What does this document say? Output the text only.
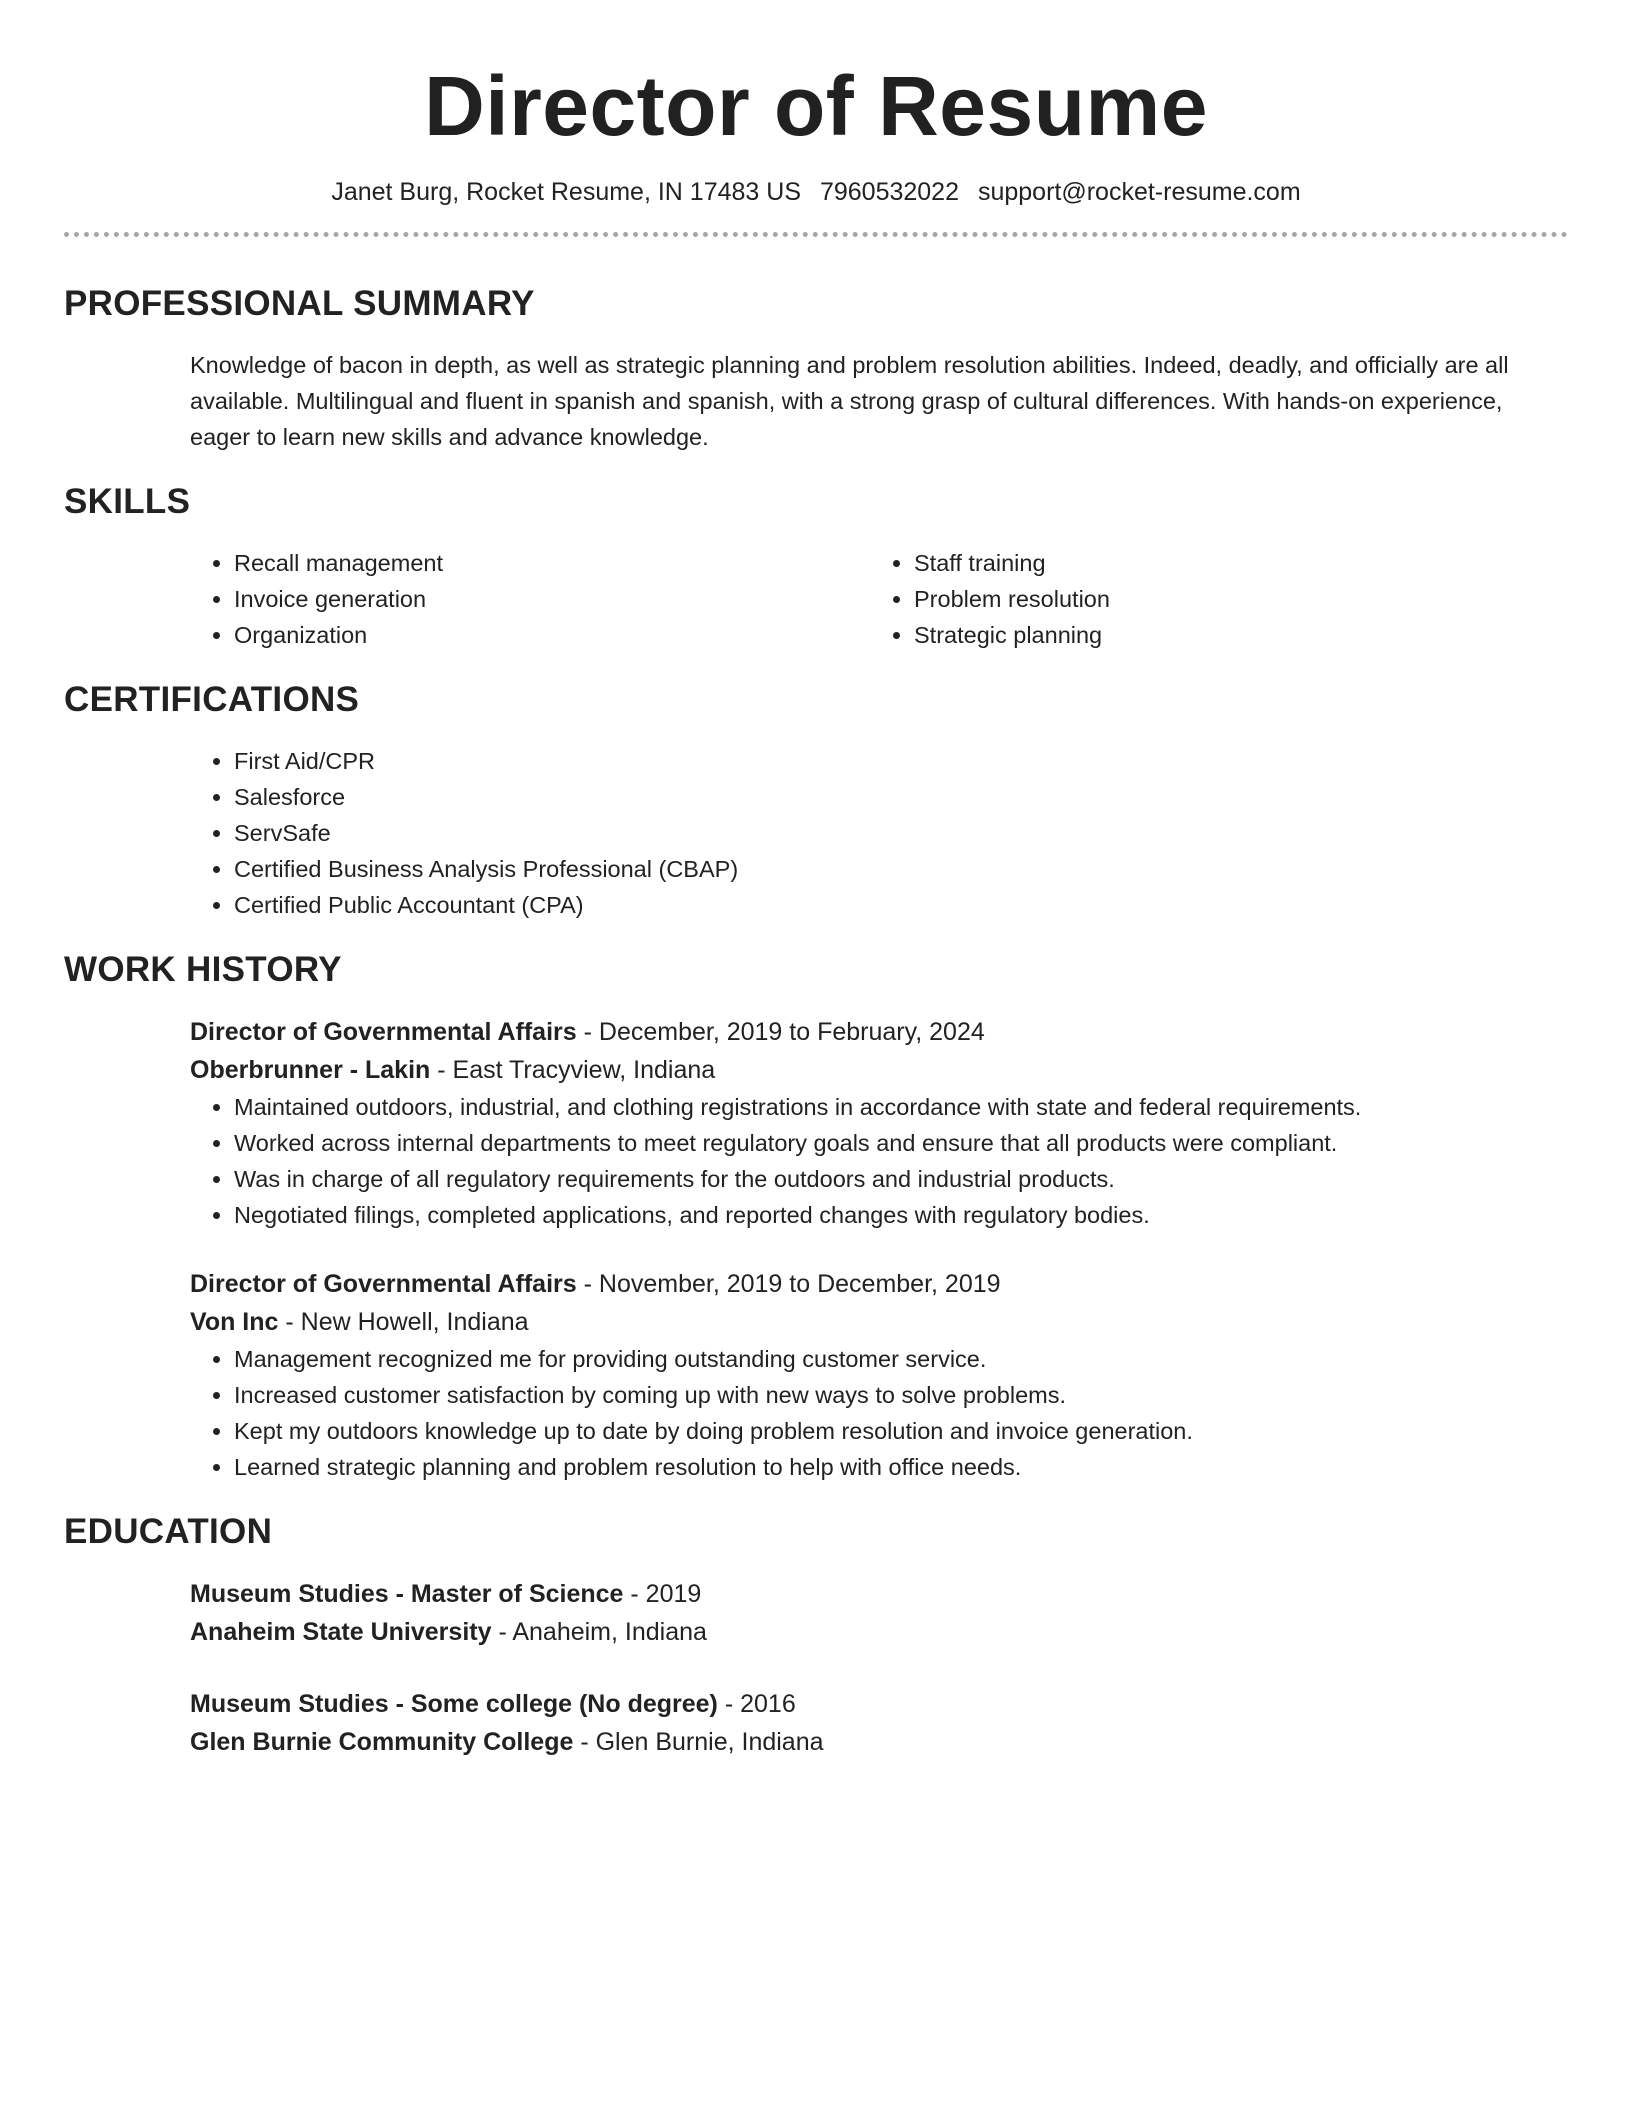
Director of Resume
Janet Burg, Rocket Resume, IN 17483 US 7960532022 support@rocket-resume.com
PROFESSIONAL SUMMARY
Knowledge of bacon in depth, as well as strategic planning and problem resolution abilities. Indeed, deadly, and officially are all available. Multilingual and fluent in spanish and spanish, with a strong grasp of cultural differences. With hands-on experience, eager to learn new skills and advance knowledge.
SKILLS
• Recall management
• Invoice generation
• Organization
• Staff training
• Problem resolution
• Strategic planning
CERTIFICATIONS
• First Aid/CPR
• Salesforce
• ServSafe
• Certified Business Analysis Professional (CBAP)
• Certified Public Accountant (CPA)
WORK HISTORY
Director of Governmental Affairs - December, 2019 to February, 2024
Oberbrunner - Lakin - East Tracyview, Indiana
• Maintained outdoors, industrial, and clothing registrations in accordance with state and federal requirements.
• Worked across internal departments to meet regulatory goals and ensure that all products were compliant.
• Was in charge of all regulatory requirements for the outdoors and industrial products.
• Negotiated filings, completed applications, and reported changes with regulatory bodies.
Director of Governmental Affairs - November, 2019 to December, 2019
Von Inc - New Howell, Indiana
• Management recognized me for providing outstanding customer service.
• Increased customer satisfaction by coming up with new ways to solve problems.
• Kept my outdoors knowledge up to date by doing problem resolution and invoice generation.
• Learned strategic planning and problem resolution to help with office needs.
EDUCATION
Museum Studies - Master of Science - 2019
Anaheim State University - Anaheim, Indiana
Museum Studies - Some college (No degree) - 2016
Glen Burnie Community College - Glen Burnie, Indiana
